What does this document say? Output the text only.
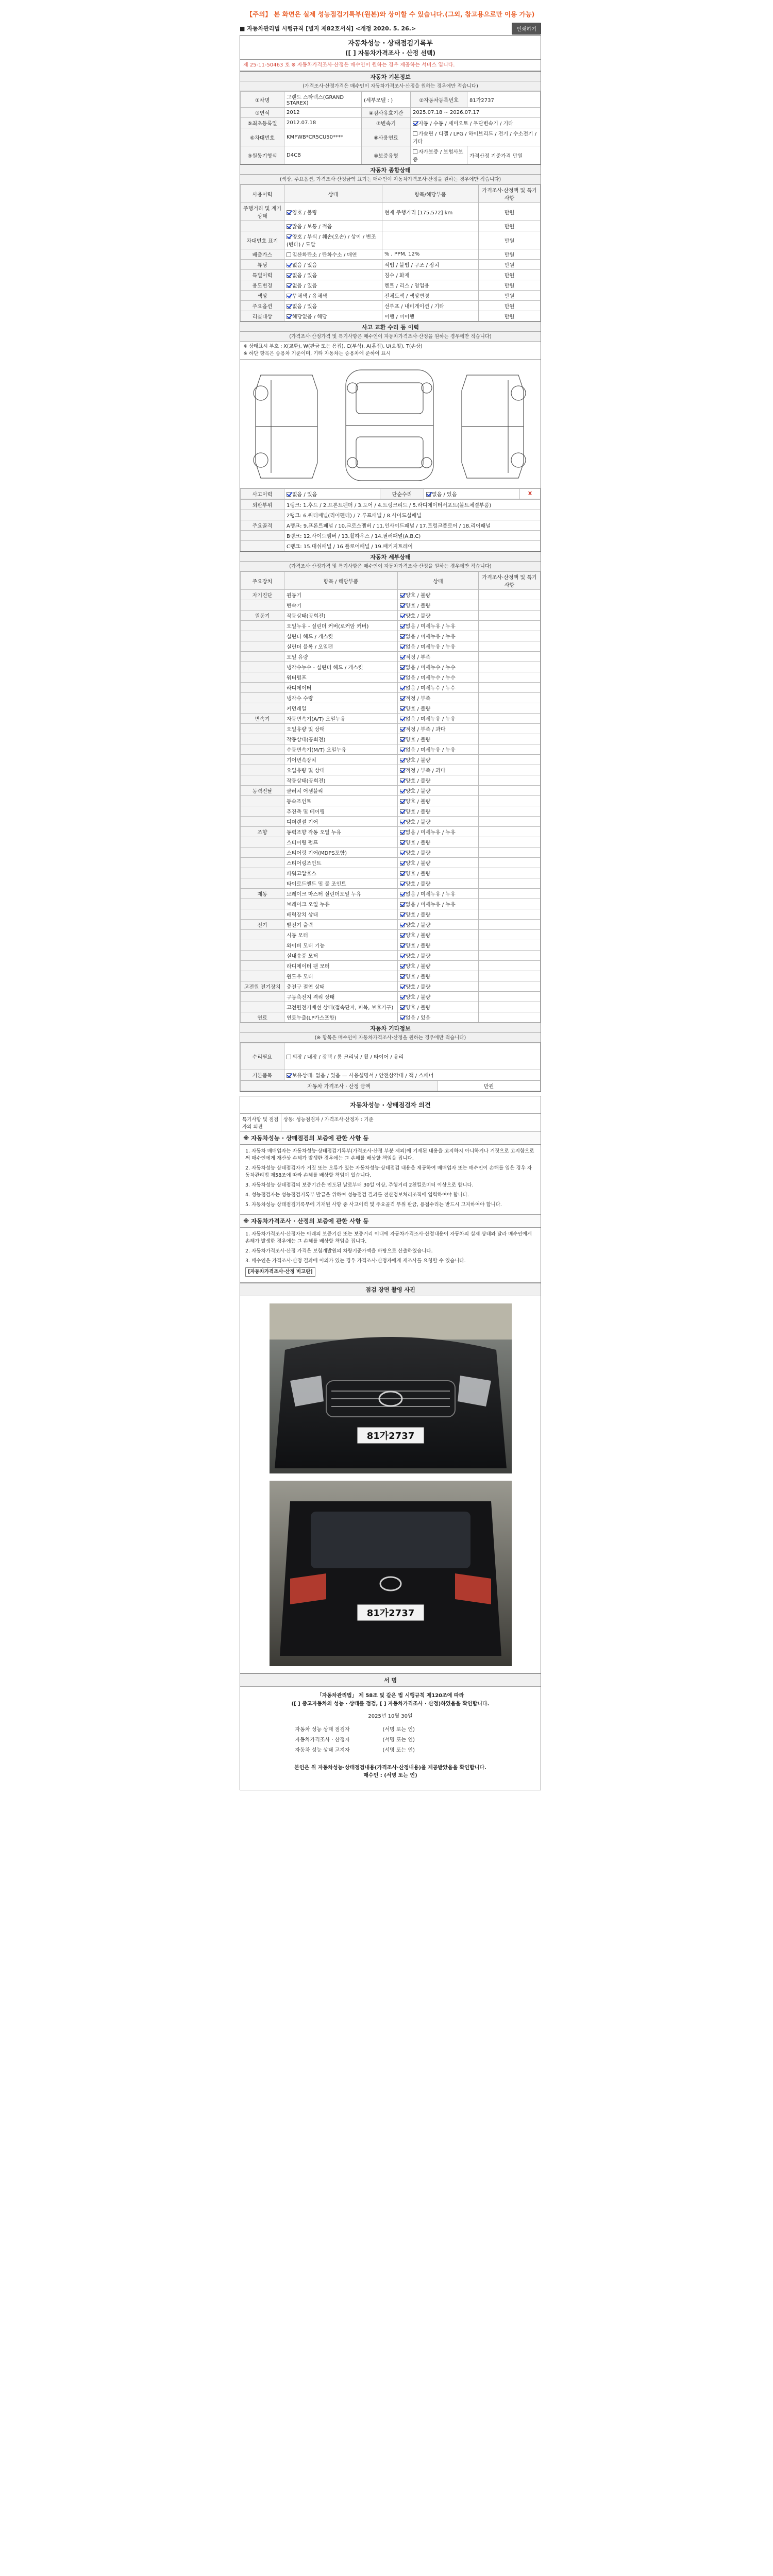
【주의】 본 화면은 실제 성능점검기록부(원본)와 상이할 수 있습니다.(그외, 참고용으로만 이용 가능)
■ 자동차관리법 시행규칙 [별지 제82호서식] <개정 2020. 5. 26.>	인쇄하기
자동차성능 · 상태점검기록부
([ ] 자동차가격조사 · 산정 선택)
제 25-11-50463 호 ※ 자동차가격조사·산정은 매수인이 원하는 경우 제공하는 서비스 입니다.
자동차 기본정보
(가격조사·산정가격은 매수인이 자동차가격조사·산정을 원하는 경우에만 적습니다)
①차명	그랜드 스타렉스(GRAND STAREX)	(세부모델 : )	②자동차등록번호	81가2737
③연식	2012	④검사유효기간	2025.07.18 ~ 2026.07.17	
⑤최초등록일	2012.07.18	⑦변속기	자동 / 수동 / 세미오토 / 무단변속기 / 기타	
⑥차대번호	KMFWB*CR5CU50****	⑧사용연료	가솔린 / 디젤 / LPG / 하이브리드 / 전기 / 수소전기 / 기타	
⑨원동기형식	D4CB	⑩보증유형	자가보증 / 보험사보증	가격산정 기준가격 만원
자동차 종합상태
(색상, 주요옵션, 가격조사·산정금액 표기는 매수인이 자동차가격조사·산정을 원하는 경우에만 적습니다)
사용이력	상태	항목/해당부품	가격조사·산정액 및 특기사항
주행거리 및 계기상태	양호 / 불량	현재 주행거리 [175,572] km	만원
	많음 / 보통 / 적음		만원
차대번호 표기	양호 / 부식 / 훼손(오손) / 상이 / 변조(변타) / 도말		만원
배출가스	일산화탄소 / 탄화수소 / 매연	% , PPM, 12%	만원
튜닝	없음 / 있음	적법 / 불법 / 구조 / 장치	만원
특별이력	없음 / 있음	침수 / 화재	만원
용도변경	없음 / 있음	렌트 / 리스 / 영업용	만원
색상	무채색 / 유채색	전체도색 / 색상변경	만원
주요옵션	없음 / 있음	선루프 / 내비게이션 / 기타	만원
리콜대상	해당없음 / 해당	이행 / 미이행	만원
사고 교환 수리 등 이력
(가격조사·산정가격 및 특기사항은 매수인이 자동차가격조사·산정을 원하는 경우에만 적습니다)
※ 상태표시 부호 : X(교환), W(판금 또는 용접), C(부식), A(흠집), U(요철), T(손상)
※ 하단 항목은 승용차 기준이며, 기타 자동차는 승용차에 준하여 표시
사고이력	없음 / 있음	단순수리	없음 / 있음	X
외판부위	1랭크: 1.후드 / 2.프론트펜더 / 3.도어 / 4.트렁크리드 / 5.라디에이터서포트(볼트체결부품)
	2랭크: 6.쿼터패널(리어펜더) / 7.루프패널 / 8.사이드실패널
주요골격	A랭크: 9.프론트패널 / 10.크로스멤버 / 11.인사이드패널 / 17.트렁크플로어 / 18.리어패널
	B랭크: 12.사이드멤버 / 13.휠하우스 / 14.필러패널(A,B,C)
	C랭크: 15.대쉬패널 / 16.플로어패널 / 19.패키지트레이
자동차 세부상태
(가격조사·산정가격 및 특기사항은 매수인이 자동차가격조사·산정을 원하는 경우에만 적습니다)
주요장치	항목 / 해당부품	상태	가격조사·산정액 및 특기사항
자기진단	원동기	양호 / 불량	
	변속기	양호 / 불량	
원동기	작동상태(공회전)	양호 / 불량	
	오일누유 - 실린더 커버(로커암 커버)	없음 / 미세누유 / 누유	
	실린더 헤드 / 개스킷	없음 / 미세누유 / 누유	
	실린더 블록 / 오일팬	없음 / 미세누유 / 누유	
	오일 유량	적정 / 부족	
	냉각수누수 - 실린더 헤드 / 개스킷	없음 / 미세누수 / 누수	
	워터펌프	없음 / 미세누수 / 누수	
	라디에이터	없음 / 미세누수 / 누수	
	냉각수 수량	적정 / 부족	
	커먼레일	양호 / 불량	
변속기	자동변속기(A/T) 오일누유	없음 / 미세누유 / 누유	
	오일유량 및 상태	적정 / 부족 / 과다	
	작동상태(공회전)	양호 / 불량	
	수동변속기(M/T) 오일누유	없음 / 미세누유 / 누유	
	기어변속장치	양호 / 불량	
	오일유량 및 상태	적정 / 부족 / 과다	
	작동상태(공회전)	양호 / 불량	
동력전달	클러치 어셈블리	양호 / 불량	
	등속조인트	양호 / 불량	
	추진축 및 베어링	양호 / 불량	
	디퍼렌셜 기어	양호 / 불량	
조향	동력조향 작동 오일 누유	없음 / 미세누유 / 누유	
	스티어링 펌프	양호 / 불량	
	스티어링 기어(MDPS포함)	양호 / 불량	
	스티어링조인트	양호 / 불량	
	파워고압호스	양호 / 불량	
	타이로드엔드 및 볼 조인트	양호 / 불량	
제동	브레이크 마스터 실린더오일 누유	없음 / 미세누유 / 누유	
	브레이크 오일 누유	없음 / 미세누유 / 누유	
	배력장치 상태	양호 / 불량	
전기	발전기 출력	양호 / 불량	
	시동 모터	양호 / 불량	
	와이퍼 모터 기능	양호 / 불량	
	실내송풍 모터	양호 / 불량	
	라디에이터 팬 모터	양호 / 불량	
	윈도우 모터	양호 / 불량	
고전원 전기장치	충전구 절연 상태	양호 / 불량	
	구동축전지 격리 상태	양호 / 불량	
	고전원전기배선 상태(접속단자, 피복, 보호기구)	양호 / 불량	
연료	연료누출(LP가스포함)	없음 / 있음	
자동차 기타정보
(※ 항목은 매수인이 자동차가격조사·산정을 원하는 경우에만 적습니다)
수리필요	외장 / 내장 / 광택 / 룸 크리닝 / 휠 / 타이어 / 유리
기본품목	보유상태: 없음 / 있음 — 사용설명서 / 안전삼각대 / 잭 / 스패너
자동차 가격조사 · 산정 금액	만원
자동차성능 · 상태점검자 의견
특기사항 및 점검자의 의견
상동: 성능점검자 / 가격조사·산정자 : 기준
※ 자동차성능 · 상태점검의 보증에 관한 사항 등

1. 자동차 매매업자는 자동차성능·상태점검기록부(가격조사·산정 부분 제외)에 기재된 내용을 고지하지 아니하거나 거짓으로 고지함으로써 매수인에게 재산상 손해가 발생한 경우에는 그 손해를 배상할 책임을 집니다.

2. 자동차성능·상태점검자가 거짓 또는 오류가 있는 자동차성능·상태점검 내용을 제공하여 매매업자 또는 매수인이 손해를 입은 경우 자동차관리법 제58조에 따라 손해를 배상할 책임이 있습니다.

3. 자동차성능·상태점검의 보증기간은 인도된 날로부터 30일 이상, 주행거리 2천킬로미터 이상으로 합니다.

4. 성능점검자는 성능점검기록부 발급을 위하여 성능점검 결과를 전산정보처리조직에 입력하여야 합니다.

5. 자동차성능·상태점검기록부에 기재된 사항 중 사고이력 및 주요골격 부위 판금, 용접수리는 반드시 고지하여야 합니다.

※ 자동차가격조사 · 산정의 보증에 관한 사항 등

1. 자동차가격조사·산정자는 아래의 보증기간 또는 보증거리 이내에 자동차가격조사·산정내용이 자동차의 실제 상태와 달라 매수인에게 손해가 발생한 경우에는 그 손해를 배상할 책임을 집니다.

2. 자동차가격조사·산정 가격은 보험개발원의 차량기준가액을 바탕으로 산출하였습니다.

3. 매수인은 가격조사·산정 결과에 이의가 있는 경우 가격조사·산정자에게 재조사를 요청할 수 있습니다.

[자동차가격조사·산정 비고란]

점검 장면 촬영 사진
81가2737
81가2737
서 명
「자동차관리법」 제 58조 및 같은 법 시행규칙 제120조에 따라
([ ] 중고자동차의 성능 · 상태를 점검, [ ] 자동차가격조사 · 산정)하였음을 확인합니다.
2025년 10월 30일
자동차 성능 상태 점검자	(서명 또는 인)
자동차가격조사 · 산정자	(서명 또는 인)
자동차 성능 상태 고지자	(서명 또는 인)
본인은 위 자동차성능·상태점검내용(가격조사·산정내용)을 제공받았음을 확인합니다.
매수인 : (서명 또는 인)
